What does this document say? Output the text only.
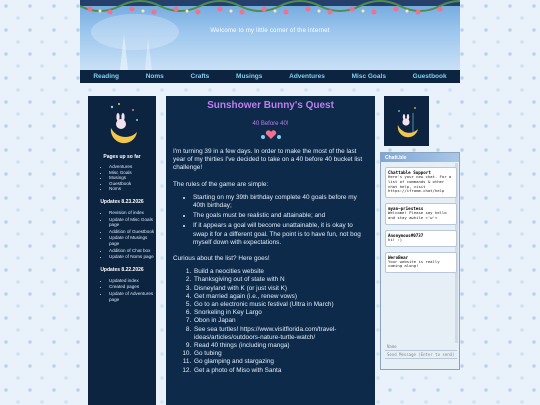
Welcome to my little corner of the internet
Reading	Noms	Crafts	Musings	Adventures	Misc Goals	Guestbook
Pages up so far
• Adventures
• Misc Goals
• Musings
• Guestbook
• Noms
Updates 8.23.2026
• Revision of index
• Update of Misc Goals page
• Addition of Guestbook
• Update of Musings page
• Addition of Chat box
• Update of Noms page
Updates 8.22.2026
• Updated index
• Created pages
• Update of Adventures page
Sunshower Bunny's Quest
40 Before 40!

I'm turning 39 in a few days. In order to make the most of the last year of my thirties I've decided to take on a 40 before 40 bucket list challenge!

The rules of the game are simple:

• Starting on my 39th birthday complete 40 goals before my 40th birthday;
• The goals must be realistic and attainable; and
• If it appears a goal will become unattainable, it is okay to swap it for a different goal. The point is to have fun, not bog myself down with expectations.

Curious about the list? Here goes!

1. Build a neocities website
2. Thanksgiving out of state with N
3. Disneyland with K (or just visit K)
4. Get married again (i.e., renew vows)
5. Go to an electronic music festival (Ultra in March)
6. Snorkeling in Key Largo
7. Obon in Japan
8. See sea turtles! https://www.visitflorida.com/travel-ideas/articles/outdoors-nature-turtle-watch/
9. Read 40 things (including manga)
10. Go tubing
11. Go glamping and stargazing
12. Get a photo of Miso with Santa
Chatt.ble
Chattable Support
Here's your new chat. For a list of commands & other chat help, visit https://iframe.chat/help
myan~priestess
Welcome! Please say hello and stay awhile >'w'<
Anonymous#0737
hi! :)
WeroBear
Your website is really coming along!
Name
Send Message (Enter to send)
